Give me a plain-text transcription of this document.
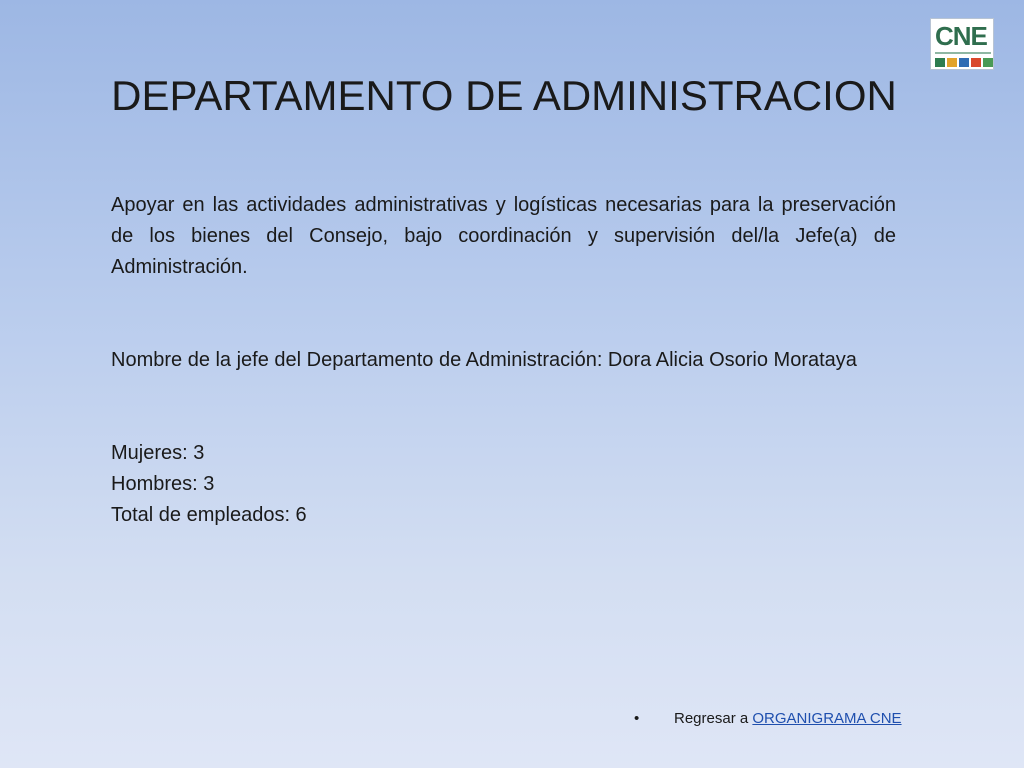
CNE
DEPARTAMENTO DE ADMINISTRACION

Apoyar en las actividades administrativas y logísticas necesarias para la preservación de los bienes del Consejo, bajo coordinación y supervisión del/la Jefe(a) de Administración.

Nombre de la jefe del Departamento de Administración: Dora Alicia Osorio Morataya

Mujeres: 3
Hombres: 3
Total de empleados: 6

• Regresar a ORGANIGRAMA CNE
